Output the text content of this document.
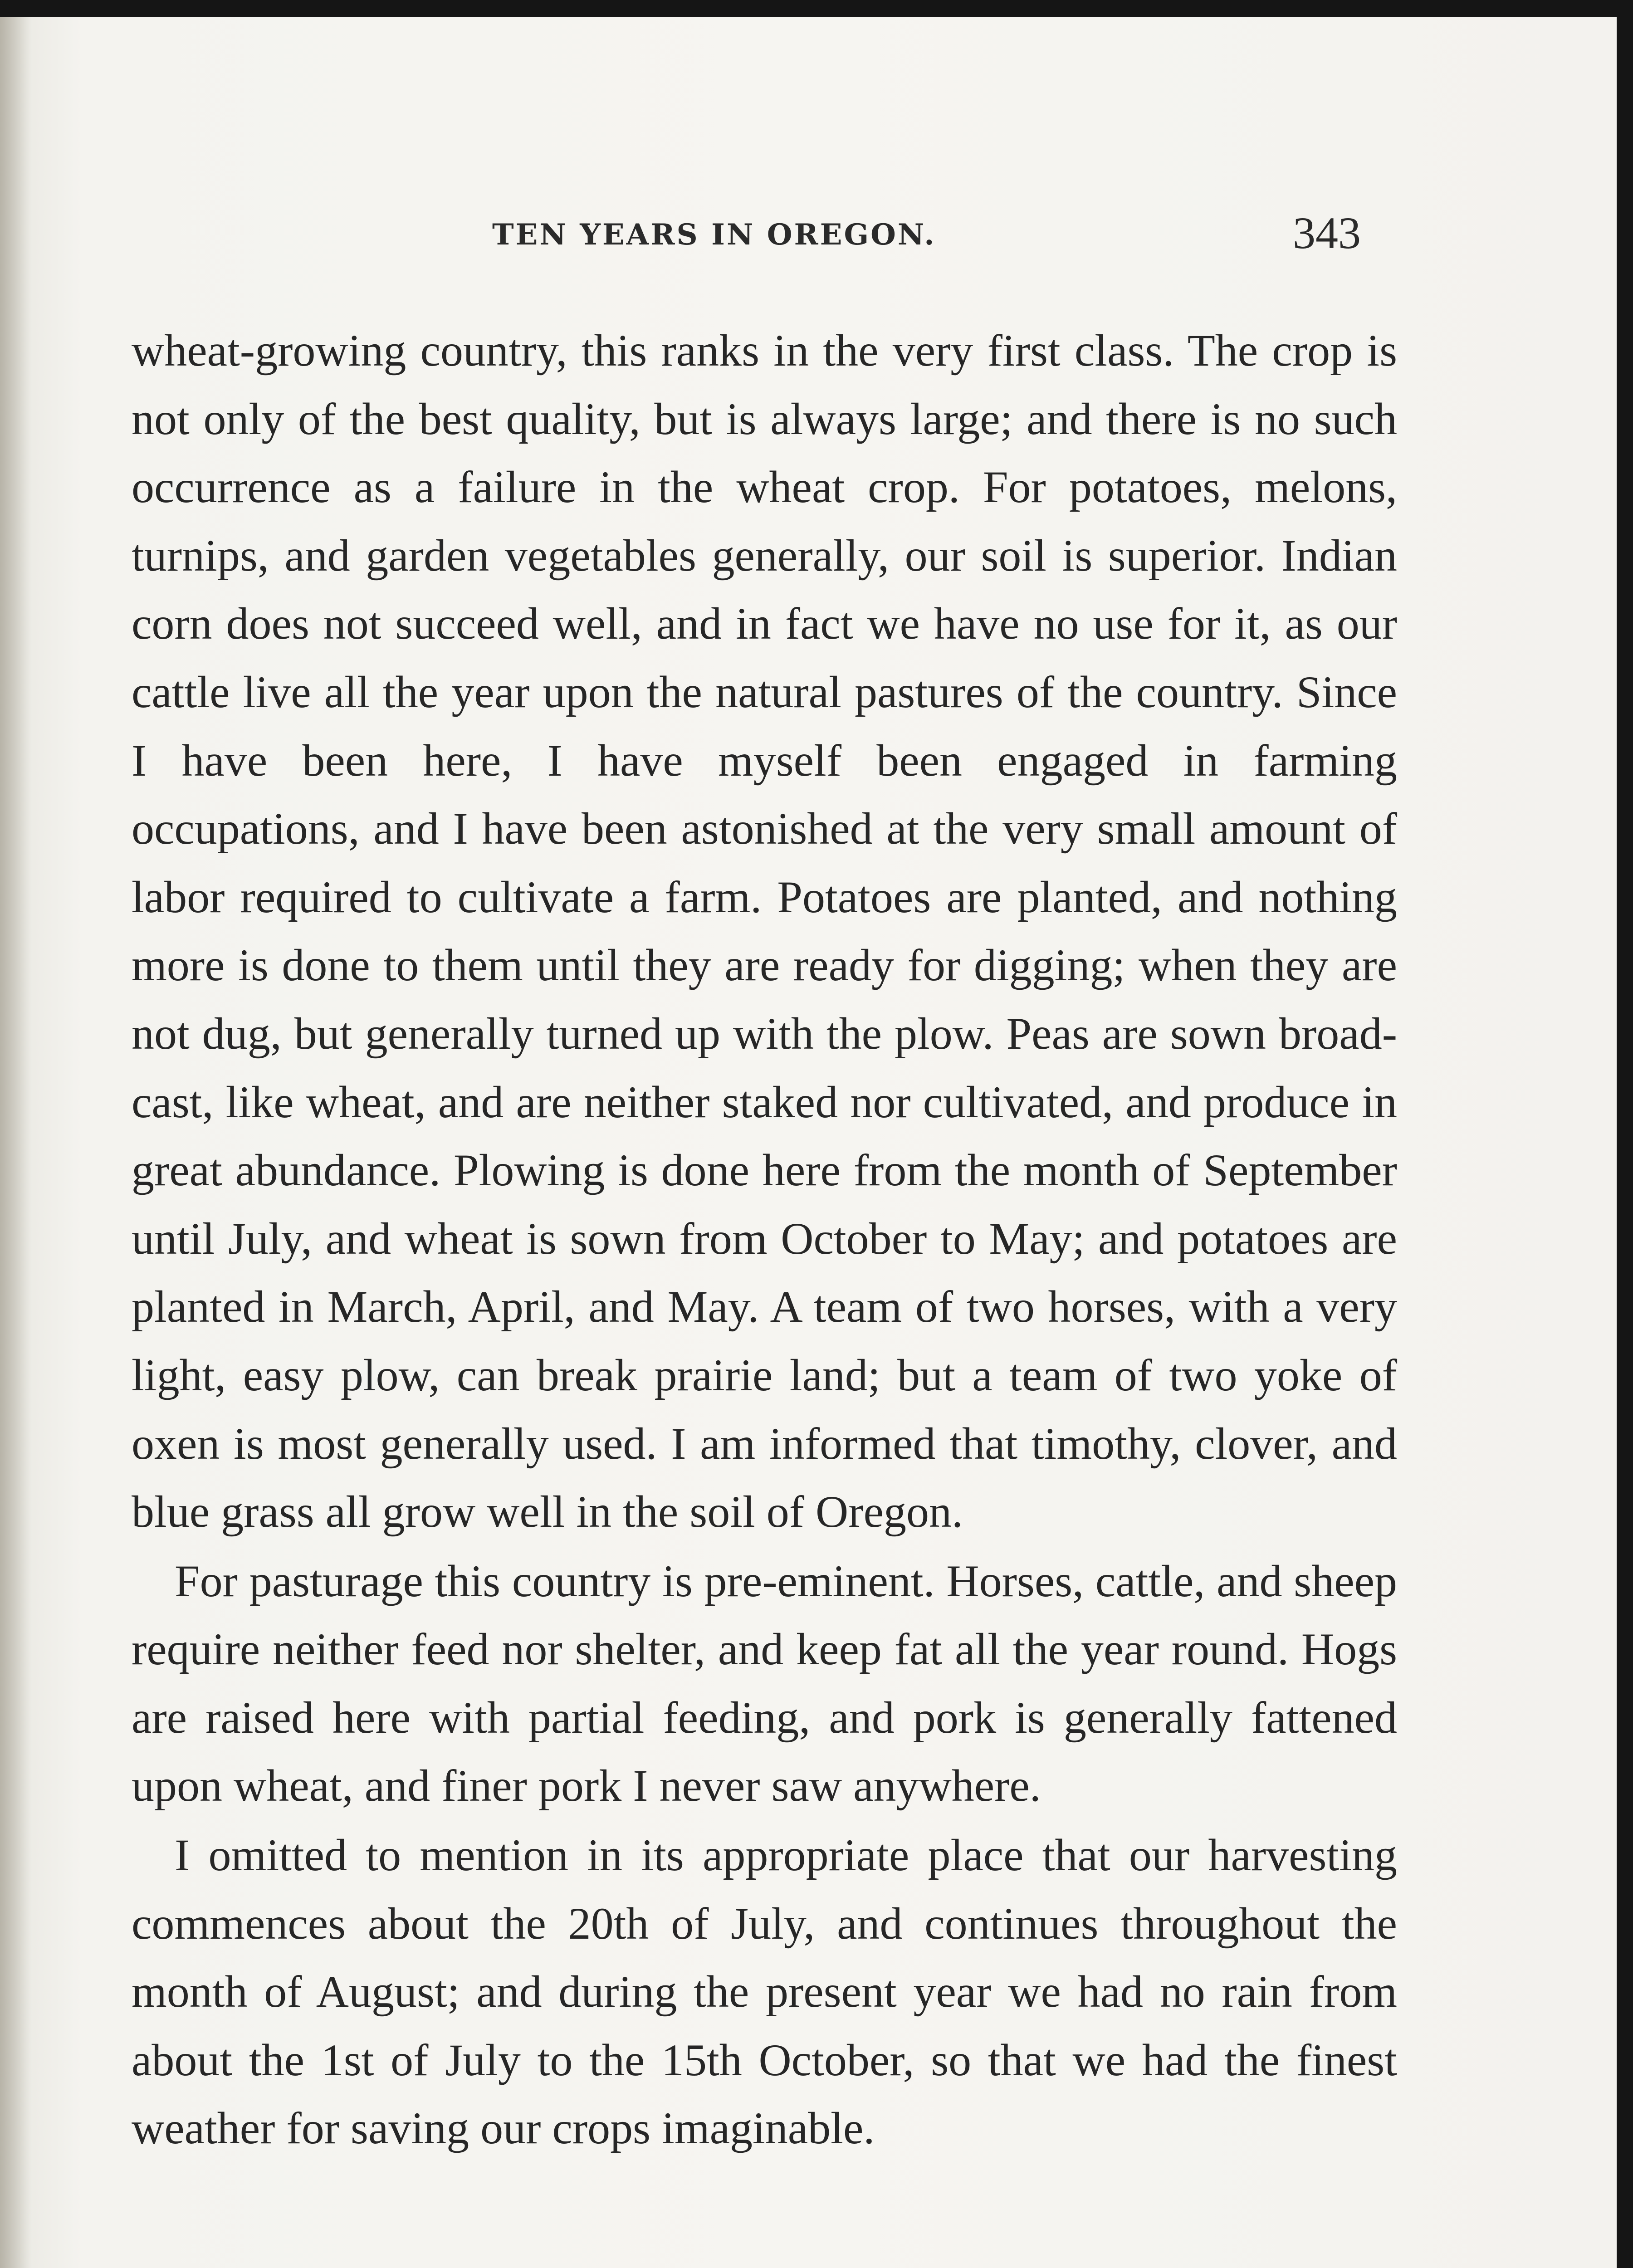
TEN YEARS IN OREGON.	343

wheat-growing country, this ranks in the very first class. The crop is not only of the best quality, but is always large; and there is no such occurrence as a failure in the wheat crop. For potatoes, melons, turnips, and garden vegetables generally, our soil is superior. Indian corn does not succeed well, and in fact we have no use for it, as our cattle live all the year upon the natural pastures of the country. Since I have been here, I have myself been engaged in farming occupations, and I have been astonished at the very small amount of labor required to cultivate a farm. Potatoes are planted, and nothing more is done to them until they are ready for digging; when they are not dug, but generally turned up with the plow. Peas are sown broad-cast, like wheat, and are neither staked nor cultivated, and produce in great abundance. Plowing is done here from the month of September until July, and wheat is sown from October to May; and potatoes are planted in March, April, and May. A team of two horses, with a very light, easy plow, can break prairie land; but a team of two yoke of oxen is most generally used. I am informed that timothy, clover, and blue grass all grow well in the soil of Oregon.

For pasturage this country is pre-eminent. Horses, cattle, and sheep require neither feed nor shelter, and keep fat all the year round. Hogs are raised here with partial feeding, and pork is generally fattened upon wheat, and finer pork I never saw anywhere.

I omitted to mention in its appropriate place that our harvesting commences about the 20th of July, and continues throughout the month of August; and during the present year we had no rain from about the 1st of July to the 15th October, so that we had the finest weather for saving our crops imaginable.
